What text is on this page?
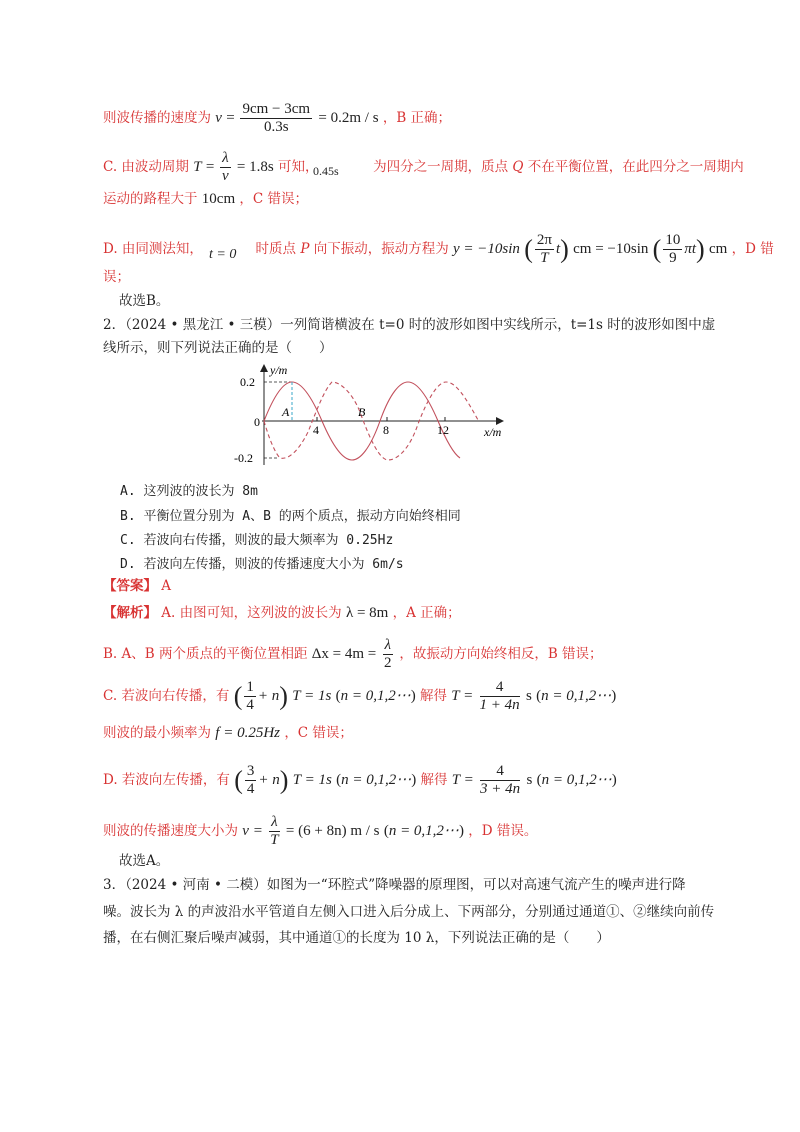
则波传播的速度为 $v = \frac{9cm - 3cm}{0.3s} = 0.2m / s$ ，B 正确；
C. 由波动周期 $T = \frac{\lambda}{v} = 1.8s$ 可知，	为四分之一周期，质点 Q 不在平衡位置，在此四分之一周期内
0.45s
运动的路程大于 10cm ，C 错误；
D. 由同测法知，	时质点 P 向下振动，振动方程为 y = −10sin ( $\frac{2\pi}{T} t$) cm = −10sin ( $\frac{10}{9} \pi t$) cm ，D 错
t = 0
误；
故选B。
2．（2024 • 黑龙江 • 三模）一列简谐横波在 t=0 时的波形如图中实线所示，t=1s 时的波形如图中虚
线所示，则下列说法正确的是（　　）
y/m
x/m
0.2
0
-0.2
4	8	12
A	B
A. 这列波的波长为 8m
B. 平衡位置分别为 A、B 的两个质点，振动方向始终相同
C. 若波向右传播，则波的最大频率为 0.25Hz
D. 若波向左传播，则波的传播速度大小为 6m/s
【答案】 A
【解析】 A. 由图可知，这列波的波长为 λ = 8m ，A 正确；
B. A、B 两个质点的平衡位置相距 $\Delta x = 4m = \frac{\lambda}{2}$ ，故振动方向始终相反，B 错误；
C. 若波向右传播，有 ( $\frac{1}{4} + n$) T = 1s (n = 0,1,2⋯) 解得 $T = \frac{4}{1 + 4n}$ s (n = 0,1,2⋯)
则波的最小频率为 f = 0.25Hz ，C 错误；
D. 若波向左传播，有 ( $\frac{3}{4} + n$) T = 1s (n = 0,1,2⋯) 解得 $T = \frac{4}{3 + 4n}$ s (n = 0,1,2⋯)
则波的传播速度大小为 $v = \frac{\lambda}{T} = (6 + 8n)$ m / s (n = 0,1,2⋯) ，D 错误。
故选A。
3．（2024 • 河南 • 二模）如图为一“环腔式”降噪器的原理图，可以对高速气流产生的噪声进行降
噪。波长为 λ 的声波沿水平管道自左侧入口进入后分成上、下两部分，分别通过通道①、②继续向前传
播，在右侧汇聚后噪声减弱，其中通道①的长度为 10 λ，下列说法正确的是（　　）
